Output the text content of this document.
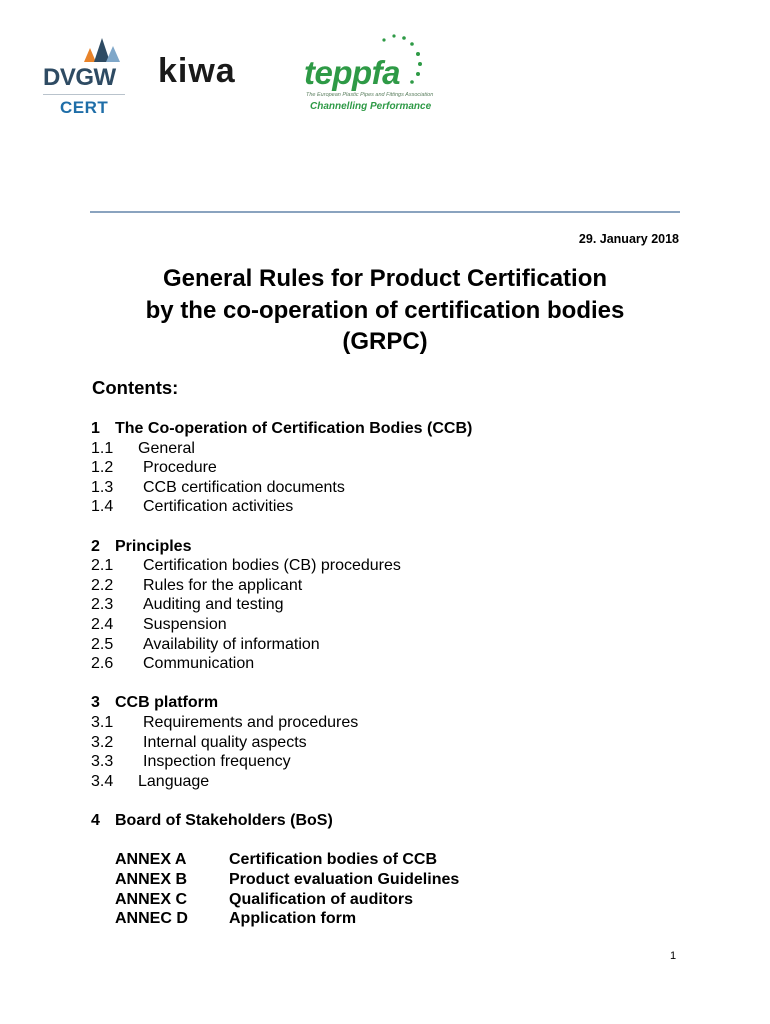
DVGW
CERT
kiwa teppfa
The European Plastic Pipes and Fittings Association
Channelling Performance
29. January 2018
General Rules for Product Certification
by the co-operation of certification bodies
(GRPC)
Contents:
1 The Co-operation of Certification Bodies (CCB)
1.1 General
1.2 Procedure
1.3 CCB certification documents
1.4 Certification activities
2 Principles
2.1 Certification bodies (CB) procedures
2.2 Rules for the applicant
2.3 Auditing and testing
2.4 Suspension
2.5 Availability of information
2.6 Communication
3 CCB platform
3.1 Requirements and procedures
3.2 Internal quality aspects
3.3 Inspection frequency
3.4 Language
4 Board of Stakeholders (BoS)
ANNEX A	Certification bodies of CCB
ANNEX B	Product evaluation Guidelines
ANNEX C	Qualification of auditors
ANNEC D	Application form
1
